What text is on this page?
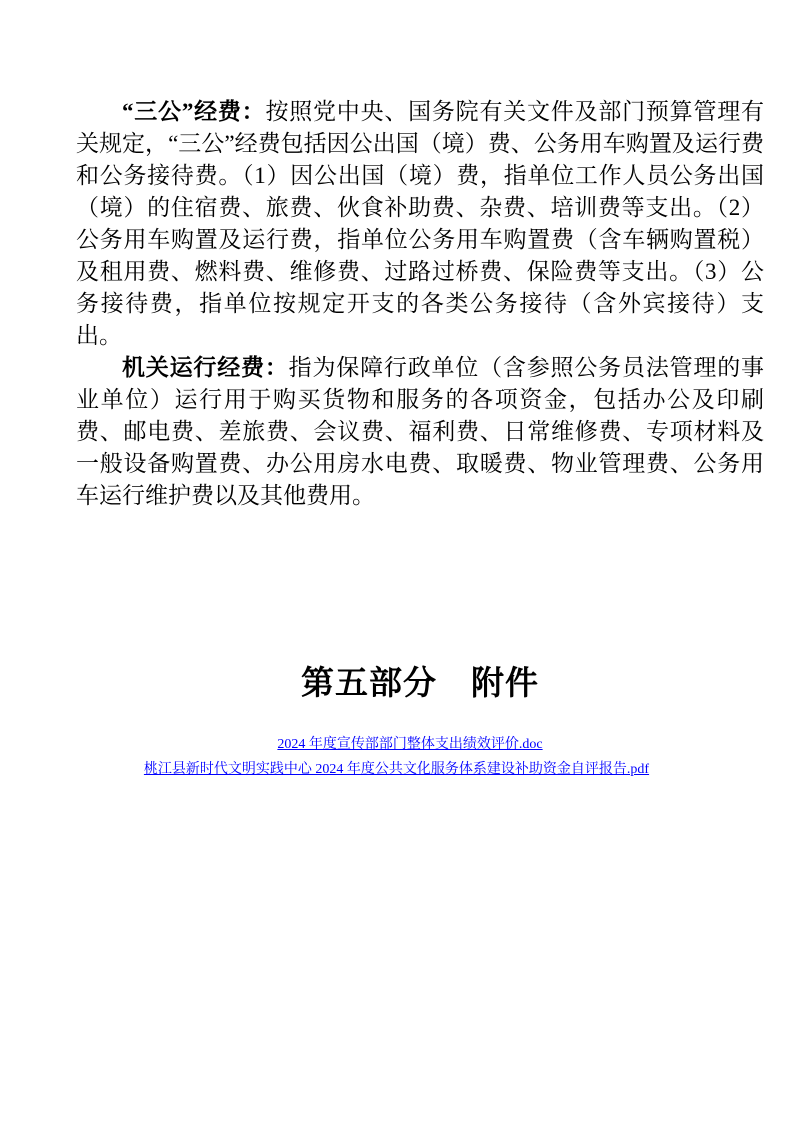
“三公”经费：按照党中央、国务院有关文件及部门预算管理有关规定，“三公”经费包括因公出国（境）费、公务用车购置及运行费和公务接待费。（1）因公出国（境）费，指单位工作人员公务出国（境）的住宿费、旅费、伙食补助费、杂费、培训费等支出。（2）公务用车购置及运行费，指单位公务用车购置费（含车辆购置税）及租用费、燃料费、维修费、过路过桥费、保险费等支出。（3）公务接待费，指单位按规定开支的各类公务接待（含外宾接待）支出。

机关运行经费：指为保障行政单位（含参照公务员法管理的事业单位）运行用于购买货物和服务的各项资金，包括办公及印刷费、邮电费、差旅费、会议费、福利费、日常维修费、专项材料及一般设备购置费、办公用房水电费、取暖费、物业管理费、公务用车运行维护费以及其他费用。

第五部分　附件

2024 年度宣传部部门整体支出绩效评价.doc

桃江县新时代文明实践中心 2024 年度公共文化服务体系建设补助资金自评报告.pdf
